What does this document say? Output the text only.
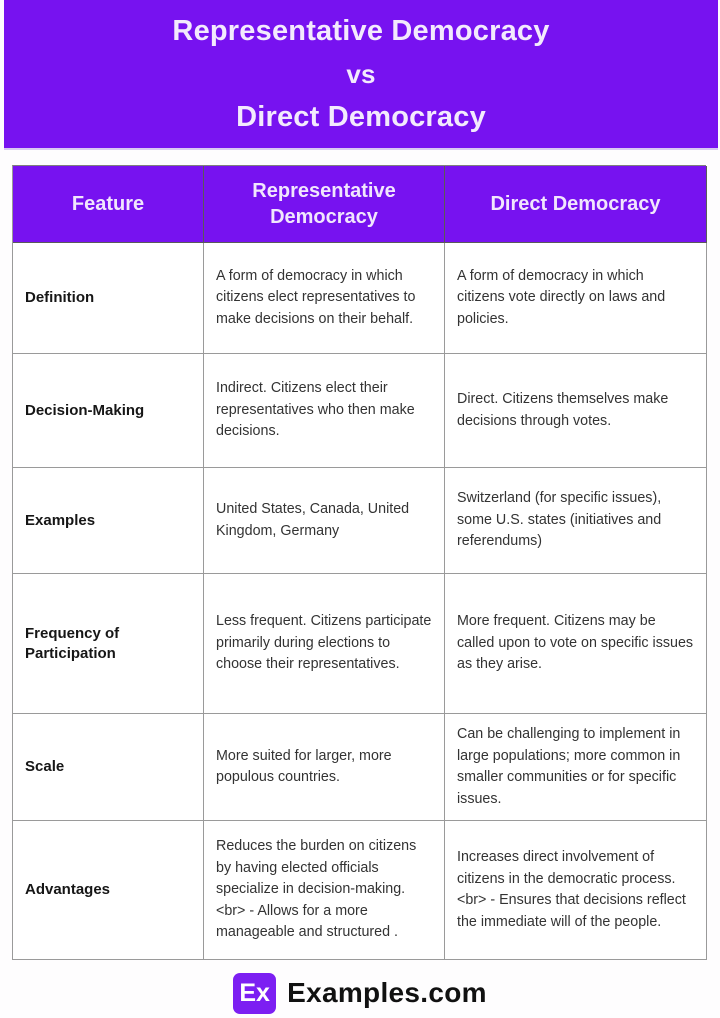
Representative Democracy
vs
Direct Democracy
Feature
Representative Democracy
Direct Democracy
Definition
A form of democracy in which citizens elect representatives to make decisions on their behalf.
A form of democracy in which citizens vote directly on laws and policies.
Decision-Making
Indirect. Citizens elect their representatives who then make decisions.
Direct. Citizens themselves make decisions through votes.
Examples
United States, Canada, United Kingdom, Germany
Switzerland (for specific issues), some U.S. states (initiatives and referendums)
Frequency of Participation
Less frequent. Citizens participate primarily during elections to choose their representatives.
More frequent. Citizens may be called upon to vote on specific issues as they arise.
Scale
More suited for larger, more populous countries.
Can be challenging to implement in large populations; more common in smaller communities or for specific issues.
Advantages
Reduces the burden on citizens by having elected officials specialize in decision-making. <br> - Allows for a more manageable and structured .
Increases direct involvement of citizens in the democratic process. <br> - Ensures that decisions reflect the immediate will of the people.
Ex Examples.com
